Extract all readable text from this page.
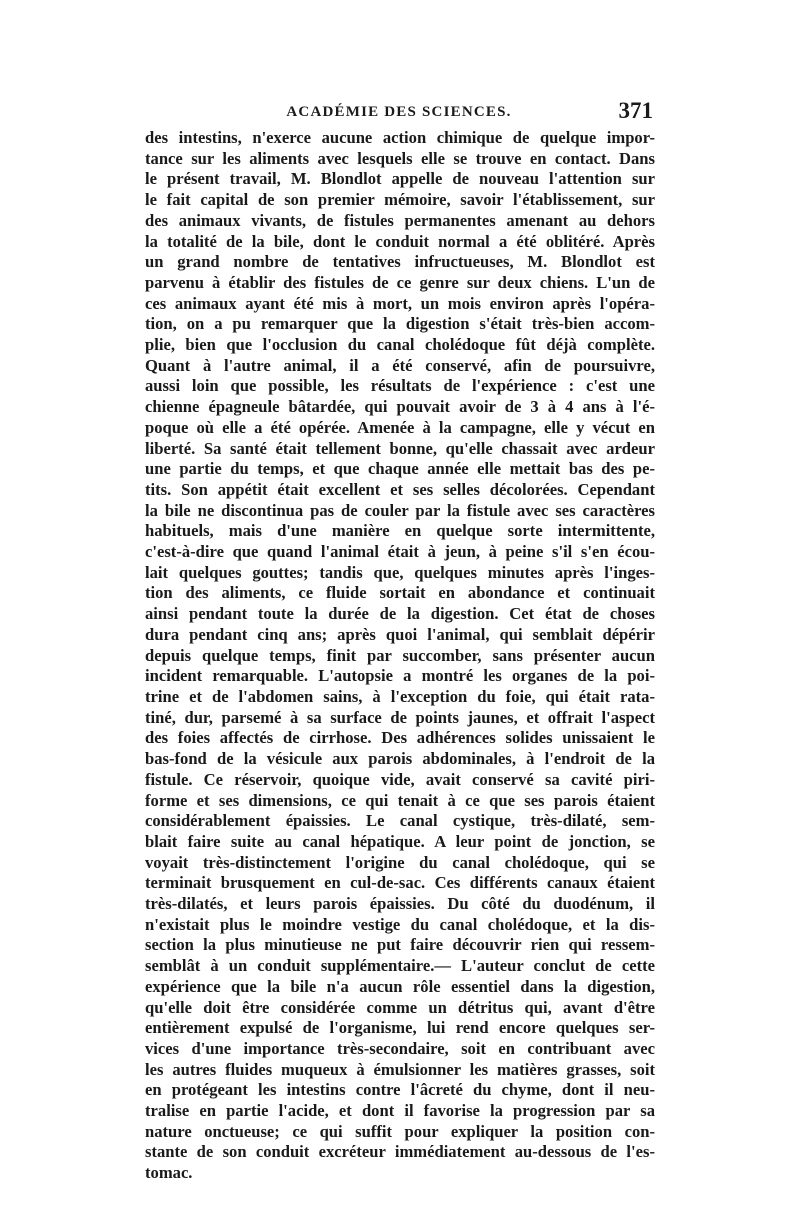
ACADÉMIE DES SCIENCES.	371
des intestins, n'exerce aucune action chimique de quelque impor-
tance sur les aliments avec lesquels elle se trouve en contact. Dans
le présent travail, M. Blondlot appelle de nouveau l'attention sur
le fait capital de son premier mémoire, savoir l'établissement, sur
des animaux vivants, de fistules permanentes amenant au dehors
la totalité de la bile, dont le conduit normal a été oblitéré. Après
un grand nombre de tentatives infructueuses, M. Blondlot est
parvenu à établir des fistules de ce genre sur deux chiens. L'un de
ces animaux ayant été mis à mort, un mois environ après l'opéra-
tion, on a pu remarquer que la digestion s'était très-bien accom-
plie, bien que l'occlusion du canal cholédoque fût déjà complète.
Quant à l'autre animal, il a été conservé, afin de poursuivre,
aussi loin que possible, les résultats de l'expérience : c'est une
chienne épagneule bâtardée, qui pouvait avoir de 3 à 4 ans à l'é-
poque où elle a été opérée. Amenée à la campagne, elle y vécut en
liberté. Sa santé était tellement bonne, qu'elle chassait avec ardeur
une partie du temps, et que chaque année elle mettait bas des pe-
tits. Son appétit était excellent et ses selles décolorées. Cependant
la bile ne discontinua pas de couler par la fistule avec ses caractères
habituels, mais d'une manière en quelque sorte intermittente,
c'est-à-dire que quand l'animal était à jeun, à peine s'il s'en écou-
lait quelques gouttes; tandis que, quelques minutes après l'inges-
tion des aliments, ce fluide sortait en abondance et continuait
ainsi pendant toute la durée de la digestion. Cet état de choses
dura pendant cinq ans; après quoi l'animal, qui semblait dépérir
depuis quelque temps, finit par succomber, sans présenter aucun
incident remarquable. L'autopsie a montré les organes de la poi-
trine et de l'abdomen sains, à l'exception du foie, qui était rata-
tiné, dur, parsemé à sa surface de points jaunes, et offrait l'aspect
des foies affectés de cirrhose. Des adhérences solides unissaient le
bas-fond de la vésicule aux parois abdominales, à l'endroit de la
fistule. Ce réservoir, quoique vide, avait conservé sa cavité piri-
forme et ses dimensions, ce qui tenait à ce que ses parois étaient
considérablement épaissies. Le canal cystique, très-dilaté, sem-
blait faire suite au canal hépatique. A leur point de jonction, se
voyait très-distinctement l'origine du canal cholédoque, qui se
terminait brusquement en cul-de-sac. Ces différents canaux étaient
très-dilatés, et leurs parois épaissies. Du côté du duodénum, il
n'existait plus le moindre vestige du canal cholédoque, et la dis-
section la plus minutieuse ne put faire découvrir rien qui ressem-
semblât à un conduit supplémentaire.— L'auteur conclut de cette
expérience que la bile n'a aucun rôle essentiel dans la digestion,
qu'elle doit être considérée comme un détritus qui, avant d'être
entièrement expulsé de l'organisme, lui rend encore quelques ser-
vices d'une importance très-secondaire, soit en contribuant avec
les autres fluides muqueux à émulsionner les matières grasses, soit
en protégeant les intestins contre l'âcreté du chyme, dont il neu-
tralise en partie l'acide, et dont il favorise la progression par sa
nature onctueuse; ce qui suffit pour expliquer la position con-
stante de son conduit excréteur immédiatement au-dessous de l'es-
tomac.
